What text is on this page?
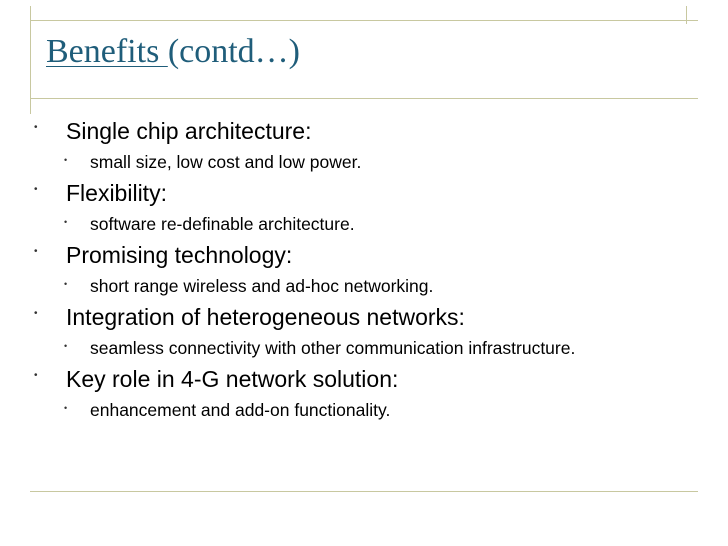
Benefits (contd…)
• Single chip architecture:
• small size, low cost and low power.
• Flexibility:
• software re-definable architecture.
• Promising technology:
• short range wireless and ad-hoc networking.
• Integration of heterogeneous networks:
• seamless connectivity with other communication infrastructure.
• Key role in 4-G network solution:
• enhancement and add-on functionality.
